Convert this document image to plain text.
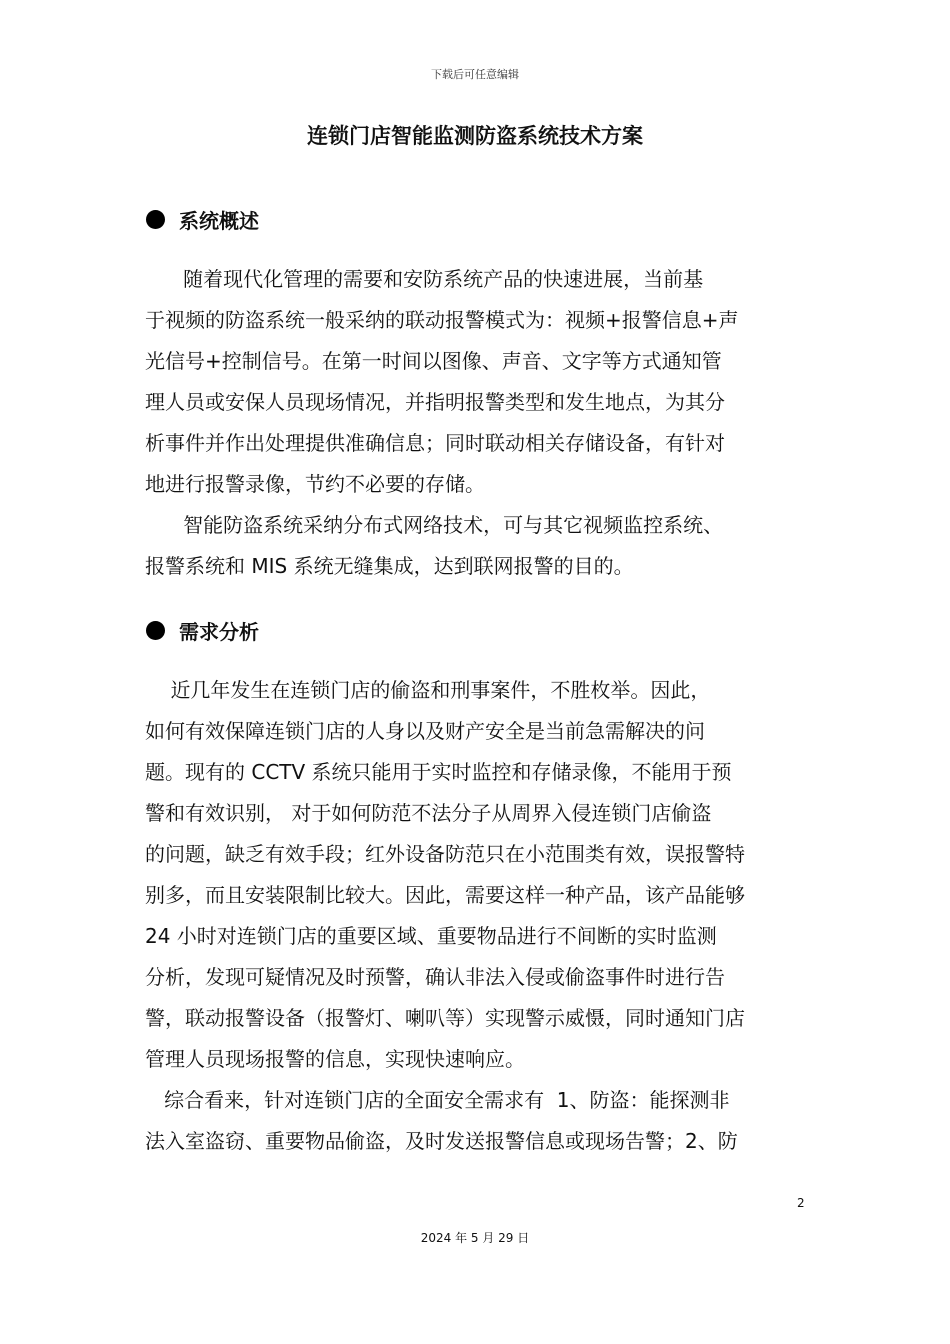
下载后可任意编辑
连锁门店智能监测防盗系统技术方案
系统概述
随着现代化管理的需要和安防系统产品的快速进展，当前基
于视频的防盗系统一般采纳的联动报警模式为：视频+报警信息+声
光信号+控制信号。在第一时间以图像、声音、文字等方式通知管
理人员或安保人员现场情况，并指明报警类型和发生地点，为其分
析事件并作出处理提供准确信息；同时联动相关存储设备，有针对
地进行报警录像，节约不必要的存储。
智能防盗系统采纳分布式网络技术，可与其它视频监控系统、
报警系统和 MIS 系统无缝集成，达到联网报警的目的。
需求分析
近几年发生在连锁门店的偷盗和刑事案件，不胜枚举。因此，
如何有效保障连锁门店的人身以及财产安全是当前急需解决的问
题。现有的 CCTV 系统只能用于实时监控和存储录像，不能用于预
警和有效识别， 对于如何防范不法分子从周界入侵连锁门店偷盗
的问题，缺乏有效手段；红外设备防范只在小范围类有效，误报警特
别多，而且安装限制比较大。因此，需要这样一种产品，该产品能够
24 小时对连锁门店的重要区域、重要物品进行不间断的实时监测
分析，发现可疑情况及时预警，确认非法入侵或偷盗事件时进行告
警，联动报警设备（报警灯、喇叭等）实现警示威慑，同时通知门店
管理人员现场报警的信息，实现快速响应。
综合看来，针对连锁门店的全面安全需求有  1、防盗：能探测非
法入室盗窃、重要物品偷盗，及时发送报警信息或现场告警；2、防
2
2024 年 5 月 29 日
